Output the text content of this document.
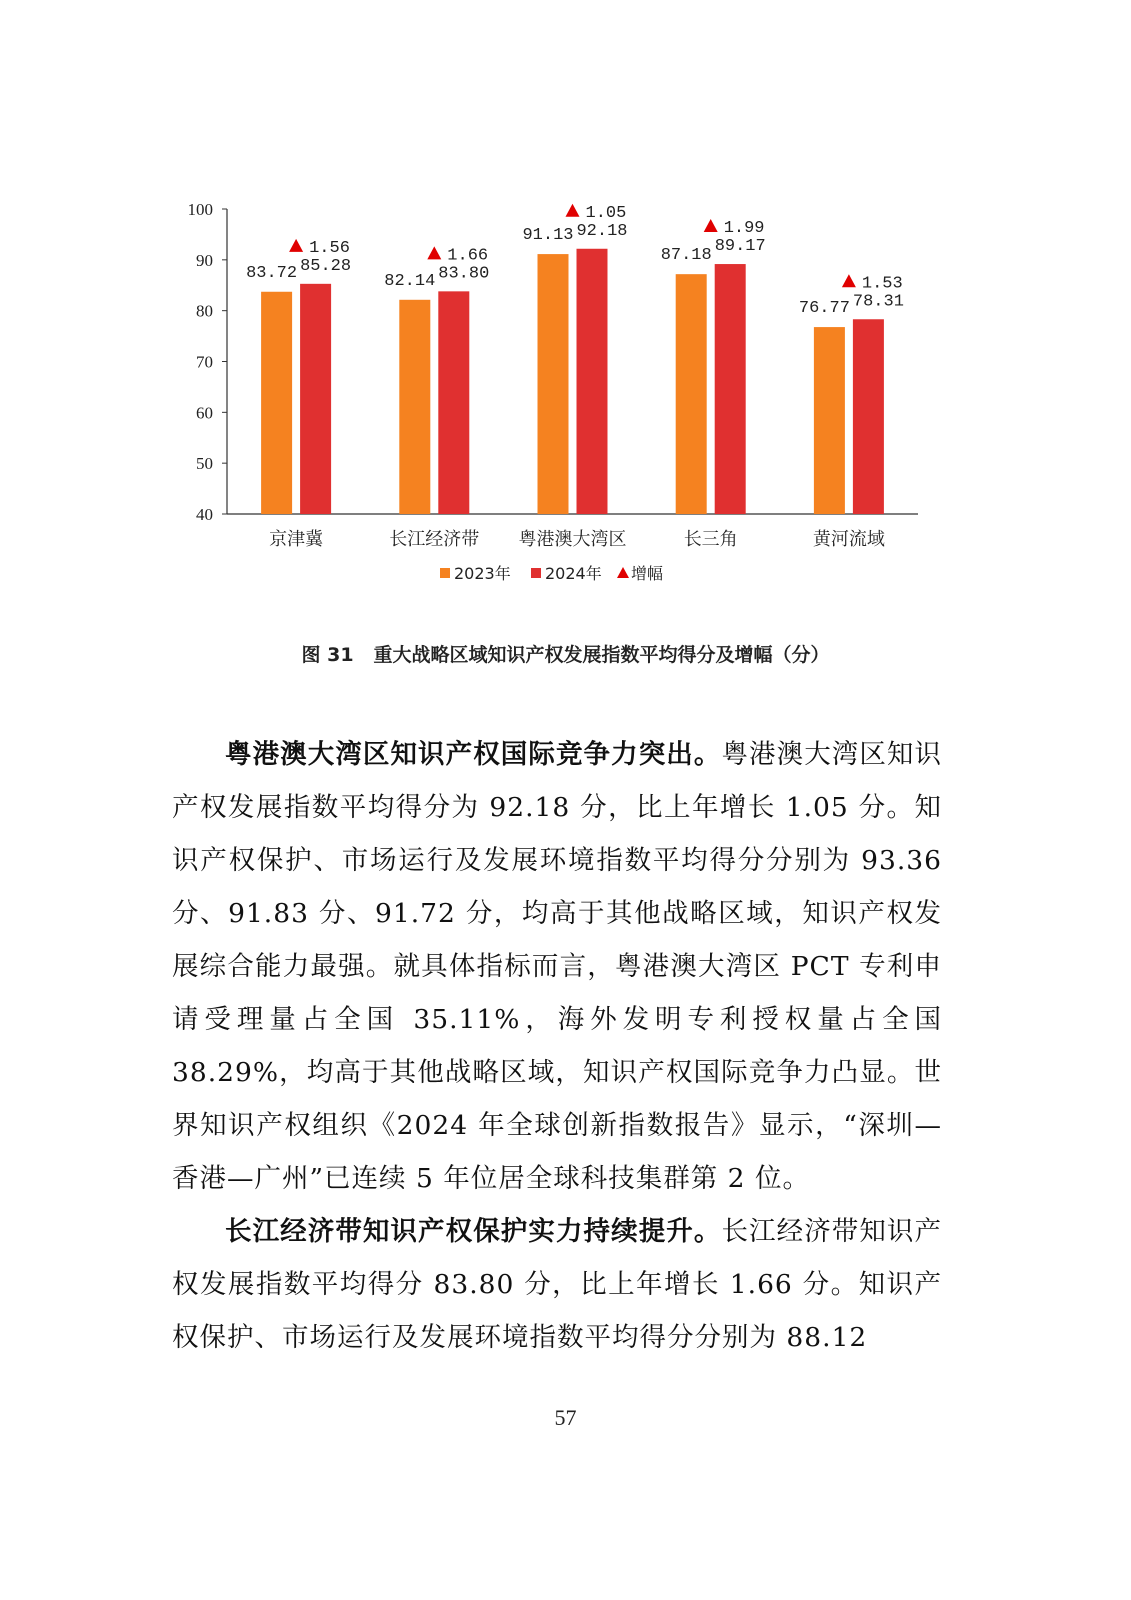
40
50
60
70
80
90
100
83.72 85.28
1.56
82.14 83.80
1.66
91.13 92.18
1.05
87.18 89.17
1.99
76.77 78.31
1.53
京津冀	长江经济带 粤港澳大湾区	长三角	黄河流域
2023年 2024年 增幅
图 31 重大战略区域知识产权发展指数平均得分及增幅（分）

粤港澳大湾区知识产权国际竞争力突出。粤港澳大湾区知识产权发展指数平均得分为 92.18 分，比上年增长 1.05 分。知识产权保护、市场运行及发展环境指数平均得分分别为 93.36 分、91.83 分、91.72 分，均高于其他战略区域，知识产权发展综合能力最强。就具体指标而言，粤港澳大湾区 PCT 专利申请受理量占全国 35.11%，海外发明专利授权量占全国 38.29%，均高于其他战略区域，知识产权国际竞争力凸显。世界知识产权组织《2024 年全球创新指数报告》显示，“深圳—香港—广州”已连续 5 年位居全球科技集群第 2 位。

长江经济带知识产权保护实力持续提升。长江经济带知识产权发展指数平均得分 83.80 分，比上年增长 1.66 分。知识产权保护、市场运行及发展环境指数平均得分分别为 88.12

57
